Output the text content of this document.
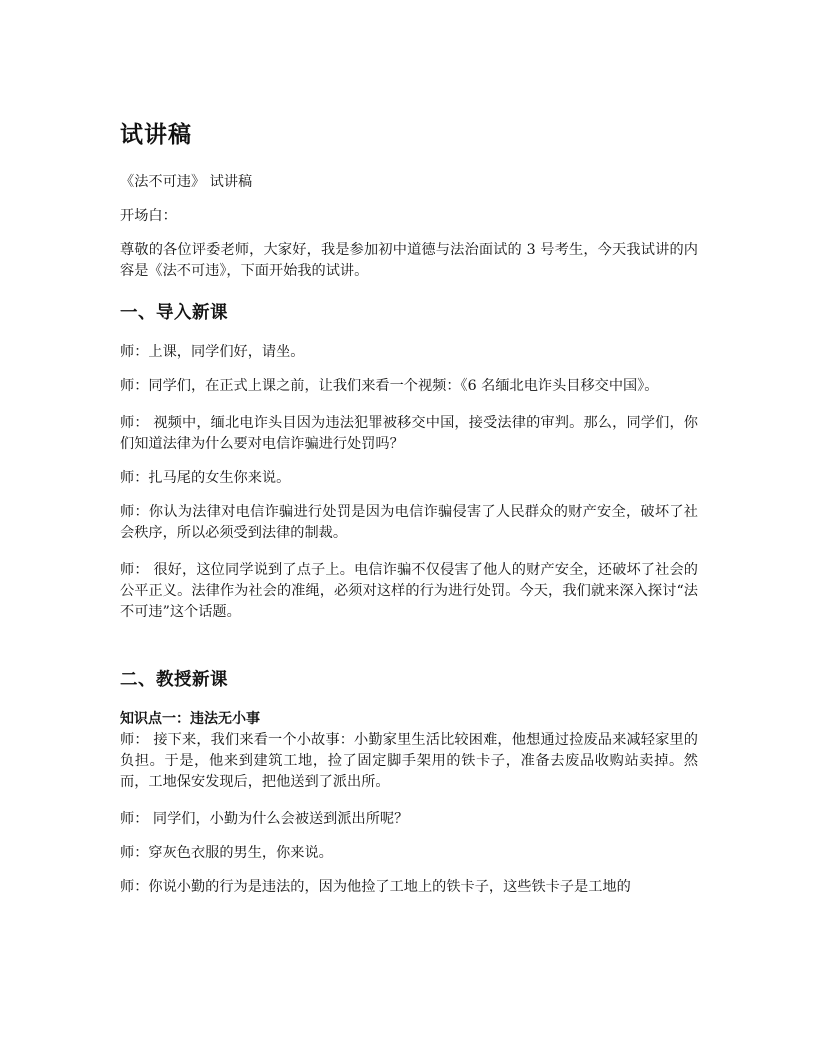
试讲稿

《法不可违》 试讲稿

开场白：

尊敬的各位评委老师，大家好，我是参加初中道德与法治面试的 3 号考生，今天我试讲的内容是《法不可违》，下面开始我的试讲。

一、导入新课

师：上课，同学们好，请坐。

师：同学们，在正式上课之前，让我们来看一个视频：《6 名缅北电诈头目移交中国》。

师： 视频中，缅北电诈头目因为违法犯罪被移交中国，接受法律的审判。那么，同学们，你们知道法律为什么要对电信诈骗进行处罚吗？

师：扎马尾的女生你来说。

师：你认为法律对电信诈骗进行处罚是因为电信诈骗侵害了人民群众的财产安全，破坏了社会秩序，所以必须受到法律的制裁。

师： 很好，这位同学说到了点子上。电信诈骗不仅侵害了他人的财产安全，还破坏了社会的公平正义。法律作为社会的准绳，必须对这样的行为进行处罚。今天，我们就来深入探讨“法不可违”这个话题。

二、教授新课
知识点一：违法无小事

师： 接下来，我们来看一个小故事：小勤家里生活比较困难，他想通过捡废品来减轻家里的负担。于是，他来到建筑工地，捡了固定脚手架用的铁卡子，准备去废品收购站卖掉。然而，工地保安发现后，把他送到了派出所。

师： 同学们，小勤为什么会被送到派出所呢？

师：穿灰色衣服的男生，你来说。

师：你说小勤的行为是违法的，因为他捡了工地上的铁卡子，这些铁卡子是工地的
